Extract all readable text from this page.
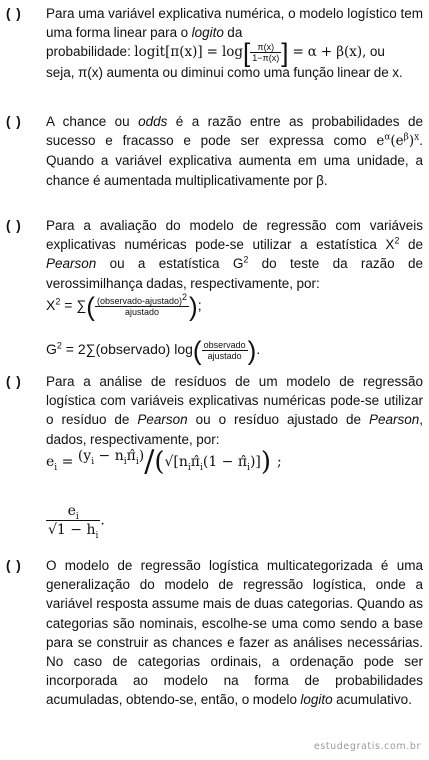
( )	Para uma variável explicativa numérica, o modelo logístico tem uma forma linear para o logito da
probabilidade: logit[π(x)] = $\log[ \frac{\pi(x)}{1-\pi(x)}$ ] = α + β(x), ou
seja, π(x) aumenta ou diminui como uma função linear de x.
( )	A chance ou odds é a razão entre as probabilidades de sucesso e fracasso e pode ser expressa como $e^\alpha(e^\beta)^x$. Quando a variável explicativa aumenta em uma unidade, a chance é aumentada multiplicativamente por β.
( )	Para a avaliação do modelo de regressão com variáveis explicativas numéricas pode-se utilizar a estatística $X^2$ de Pearson ou a estatística $G^2$ do teste da razão de verossimilhança dadas, respectivamente, por:
$X^2$ = ∑( $\frac{(observado-ajustado)^2}{\text{ajustado}}$ );
$G^2$ = 2∑(observado) $\log( \frac{\text{observado}}{\text{ajustado}}$ ).
( )	Para a análise de resíduos de um modelo de regressão logística com variáveis explicativas numéricas pode-se utilizar o resíduo de Pearson ou o resíduo ajustado de Pearson, dados, respectivamente, por:
$e_i = (y_i$ − $n_i\pî_i)/(√[n_i\pî_i(1$ − $\pî_i$)]) ;
$\frac{e_i}{√1 - h_i}$ .
( )	O modelo de regressão logística multicategorizada é uma generalização do modelo de regressão logística, onde a variável resposta assume mais de duas categorias. Quando as categorias são nominais, escolhe-se uma como sendo a base para se construir as chances e fazer as análises necessárias. No caso de categorias ordinais, a ordenação pode ser incorporada ao modelo na forma de probabilidades acumuladas, obtendo-se, então, o modelo logito acumulativo.
estudegratis.com.br
